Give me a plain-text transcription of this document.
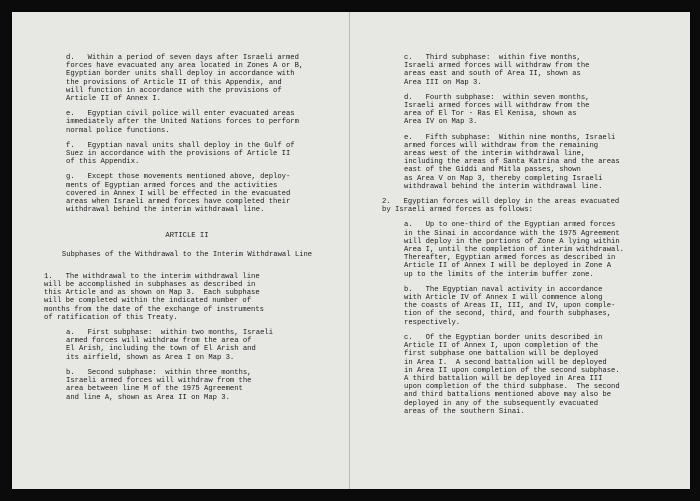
d.   Within a period of seven days after Israeli armed
forces have evacuated any area located in Zones A or B,
Egyptian border units shall deploy in accordance with
the provisions of Article II of this Appendix, and
will function in accordance with the provisions of
Article II of Annex I.
e.   Egyptian civil police will enter evacuated areas
immediately after the United Nations forces to perform
normal police functions.
f.   Egyptian naval units shall deploy in the Gulf of
Suez in accordance with the provisions of Article II
of this Appendix.
g.   Except those movements mentioned above, deploy-
ments of Egyptian armed forces and the activities
covered in Annex I will be effected in the evacuated
areas when Israeli armed forces have completed their
withdrawal behind the interim withdrawal line.
ARTICLE II
Subphases of the Withdrawal to the Interim Withdrawal Line
1.   The withdrawal to the interim withdrawal line
will be accomplished in subphases as described in
this Article and as shown on Map 3.  Each subphase
will be completed within the indicated number of
months from the date of the exchange of instruments
of ratification of this Treaty.
a.   First subphase:  within two months, Israeli
armed forces will withdraw from the area of
El Arish, including the town of El Arish and
its airfield, shown as Area I on Map 3.
b.   Second subphase:  within three months,
Israeli armed forces will withdraw from the
area between line M of the 1975 Agreement
and line A, shown as Area II on Map 3.
c.   Third subphase:  within five months,
Israeli armed forces will withdraw from the
areas east and south of Area II, shown as
Area III on Map 3.
d.   Fourth subphase:  within seven months,
Israeli armed forces will withdraw from the
area of El Tor - Ras El Kenisa, shown as
Area IV on Map 3.
e.   Fifth subphase:  Within nine months, Israeli
armed forces will withdraw from the remaining
areas west of the interim withdrawal line,
including the areas of Santa Katrina and the areas
east of the Giddi and Mitla passes, shown
as Area V on Map 3, thereby completing Israeli
withdrawal behind the interim withdrawal line.
2.   Egyptian forces will deploy in the areas evacuated
by Israeli armed forces as follows:
a.   Up to one-third of the Egyptian armed forces
in the Sinai in accordance with the 1975 Agreement
will deploy in the portions of Zone A lying within
Area I, until the completion of interim withdrawal.
Thereafter, Egyptian armed forces as described in
Article II of Annex I will be deployed in Zone A
up to the limits of the interim buffer zone.
b.   The Egyptian naval activity in accordance
with Article IV of Annex I will commence along
the coasts of Areas II, III, and IV, upon comple-
tion of the second, third, and fourth subphases,
respectively.
c.   Of the Egyptian border units described in
Article II of Annex I, upon completion of the
first subphase one battalion will be deployed
in Area I.  A second battalion will be deployed
in Area II upon completion of the second subphase.
A third battalion will be deployed in Area III
upon completion of the third subphase.  The second
and third battalions mentioned above may also be
deployed in any of the subsequently evacuated
areas of the southern Sinai.
